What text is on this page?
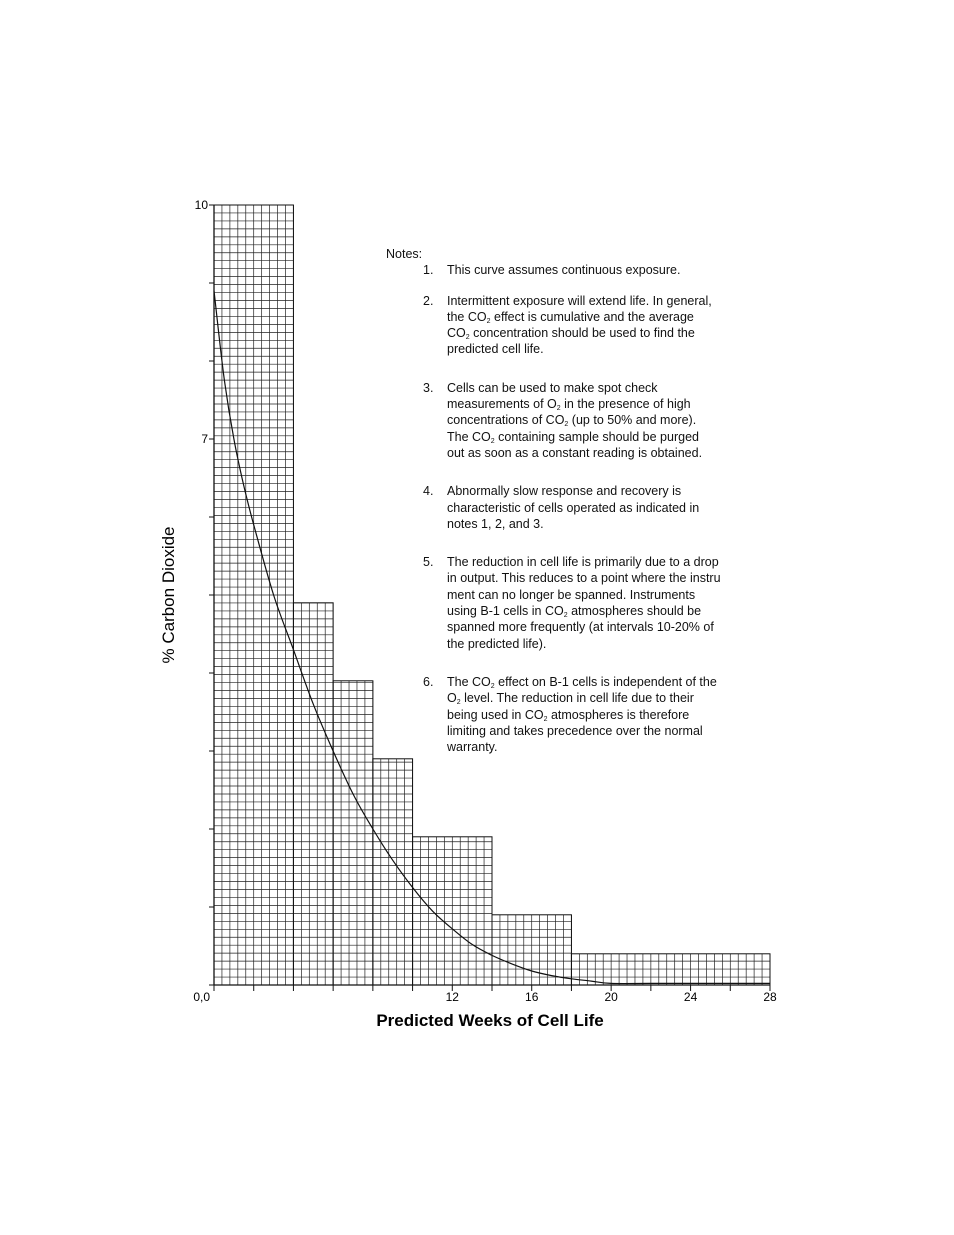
12	16	20	24	28
7
10
0,0
Predicted Weeks of Cell Life
% Carbon Dioxide
Notes:
1. This curve assumes continuous exposure.
2. Intermittent exposure will extend life. In general,
the $CO_2$ effect is cumulative and the average
$CO_2$ concentration should be used to find the
predicted cell life.
3. Cells can be used to make spot check
measurements of $O_2$ in the presence of high
concentrations of $CO_2$ (up to 50% and more).
The $CO_2$ containing sample should be purged
out as soon as a constant reading is obtained.
4. Abnormally slow response and recovery is
characteristic of cells operated as indicated in
notes 1, 2, and 3.
5. The reduction in cell life is primarily due to a drop
in output. This reduces to a point where the instru
ment can no longer be spanned. Instruments
using B-1 cells in $CO_2$ atmospheres should be
spanned more frequently (at intervals 10-20% of
the predicted life).
6. The $CO_2$ effect on B-1 cells is independent of the
$O_2$ level. The reduction in cell life due to their
being used in $CO_2$ atmospheres is therefore
limiting and takes precedence over the normal
warranty.
